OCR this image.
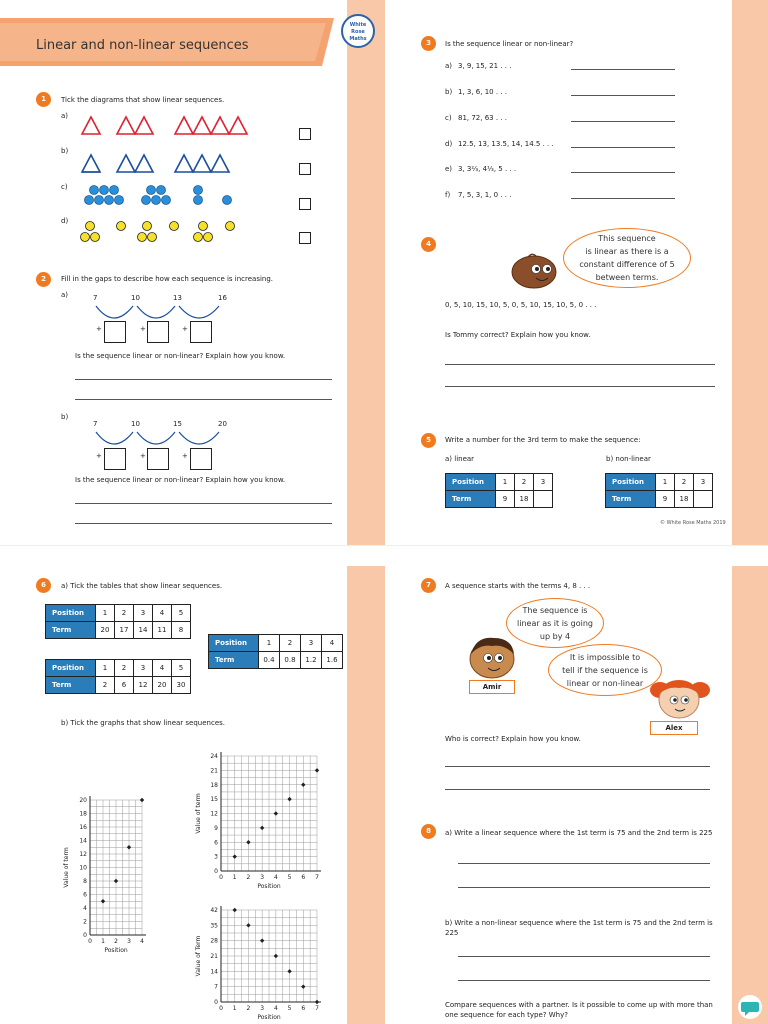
Linear and non-linear sequences
White
Rose
Maths
1	Tick the diagrams that show linear sequences.
a)
b)
c)
d)
2	Fill in the gaps to describe how each sequence is increasing.
a)	7	10	13	16
+	+	+
Is the sequence linear or non-linear? Explain how you know.
b)
7	10	15	20
+	+	+
Is the sequence linear or non-linear? Explain how you know.
3	Is the sequence linear or non-linear?
a) 3, 9, 15, 21 . . .
b) 1, 3, 6, 10 . . .
c) 81, 72, 63 . . .
d) 12.5, 13, 13.5, 14, 14.5 . . .
e) 3, 3⅔, 4⅓, 5 . . .
f) 7, 5, 3, 1, 0 . . .
4
This sequence
is linear as there is a
constant difference of 5
between terms.
0, 5, 10, 15, 10, 5, 0, 5, 10, 15, 10, 5, 0 . . .
Is Tommy correct? Explain how you know.
5	Write a number for the 3rd term to make the sequence:
a) linear	b) non-linear
Position	1	2	3
Term	9	18	
Position	1	2	3
Term	9	18	
© White Rose Maths 2019
6	a) Tick the tables that show linear sequences.
Position	1	2	3	4	5
Term	20	17	14	11	8
Position	1	2	3	4
Term	0.4	0.8	1.2	1.6
Position	1	2	3	4	5
Term	2	6	12	20	30
b) Tick the graphs that show linear sequences.
0 1 2 3 4
0
2
4
6
8
10
12
14
16
18
20
Position
Value of term	0 1 2 3 4 5 6 7
0
3
6
9
12
15
18
21
24
Position
Value of term
0 1 2 3 4 5 6 7
0
7
14
21
28
35
42
Position
Value of Term
7	A sequence starts with the terms 4, 8 . . .
The sequence is
linear as it is going
up by 4
It is impossible to
tell if the sequence is
linear or non-linear
Amir
Alex
Who is correct? Explain how you know.
8	a) Write a linear sequence where the 1st term is 75 and the 2nd term is 225
b) Write a non-linear sequence where the 1st term is 75 and the 2nd term is 225
Compare sequences with a partner. Is it possible to come up with more than one sequence for each type? Why?
